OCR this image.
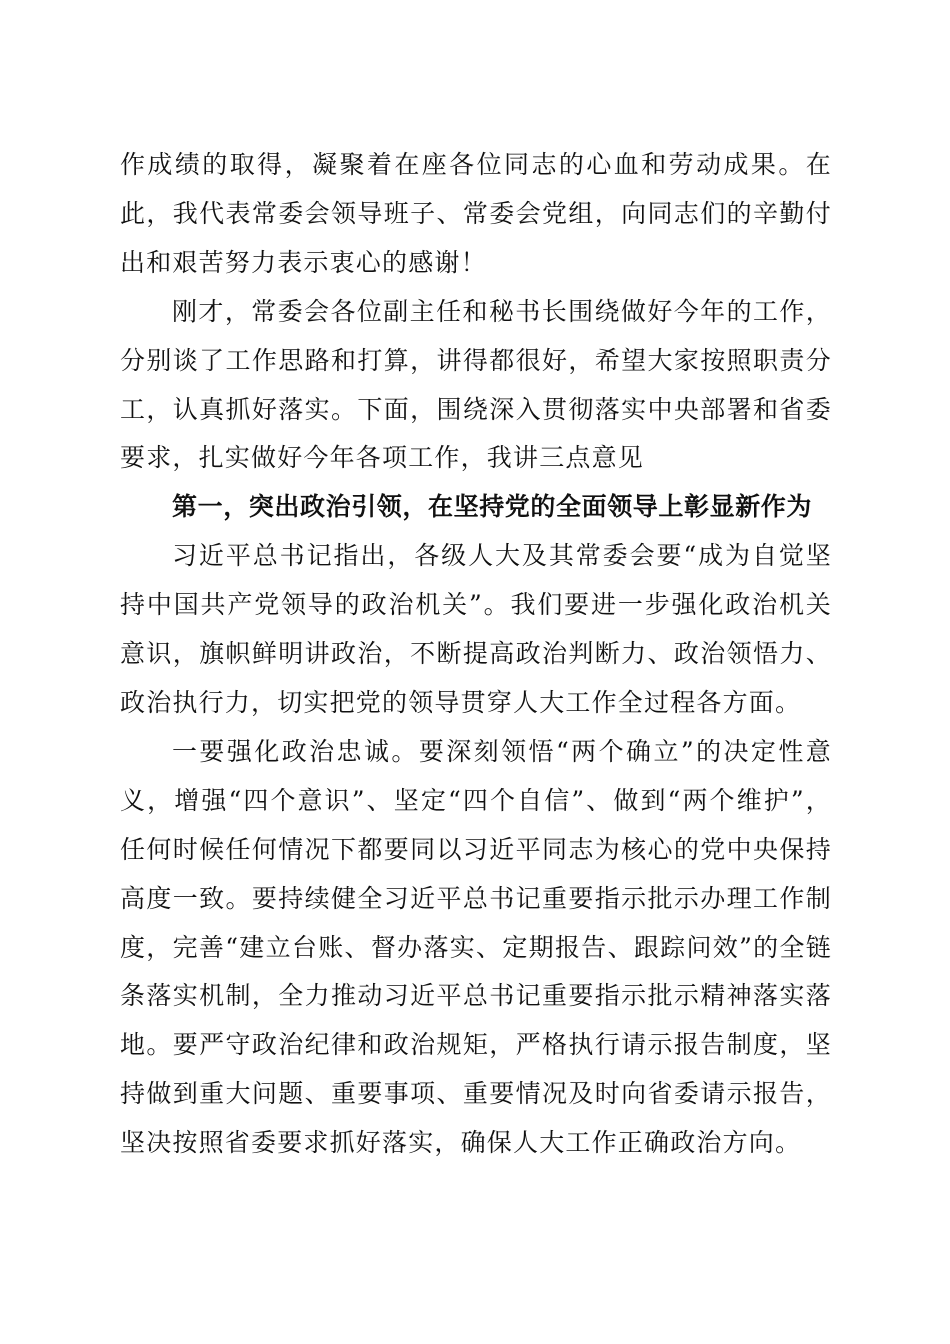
作成绩的取得，凝聚着在座各位同志的心血和劳动成果。在此，我代表常委会领导班子、常委会党组，向同志们的辛勤付出和艰苦努力表示衷心的感谢！

刚才，常委会各位副主任和秘书长围绕做好今年的工作，分别谈了工作思路和打算，讲得都很好，希望大家按照职责分工，认真抓好落实。下面，围绕深入贯彻落实中央部署和省委要求，扎实做好今年各项工作，我讲三点意见

第一，突出政治引领，在坚持党的全面领导上彰显新作为

习近平总书记指出，各级人大及其常委会要“成为自觉坚持中国共产党领导的政治机关”。我们要进一步强化政治机关意识，旗帜鲜明讲政治，不断提高政治判断力、政治领悟力、政治执行力，切实把党的领导贯穿人大工作全过程各方面。

一要强化政治忠诚。要深刻领悟“两个确立”的决定性意义，增强“四个意识”、坚定“四个自信”、做到“两个维护”，任何时候任何情况下都要同以习近平同志为核心的党中央保持高度一致。要持续健全习近平总书记重要指示批示办理工作制度，完善“建立台账、督办落实、定期报告、跟踪问效”的全链条落实机制，全力推动习近平总书记重要指示批示精神落实落地。要严守政治纪律和政治规矩，严格执行请示报告制度，坚持做到重大问题、重要事项、重要情况及时向省委请示报告，坚决按照省委要求抓好落实，确保人大工作正确政治方向。
